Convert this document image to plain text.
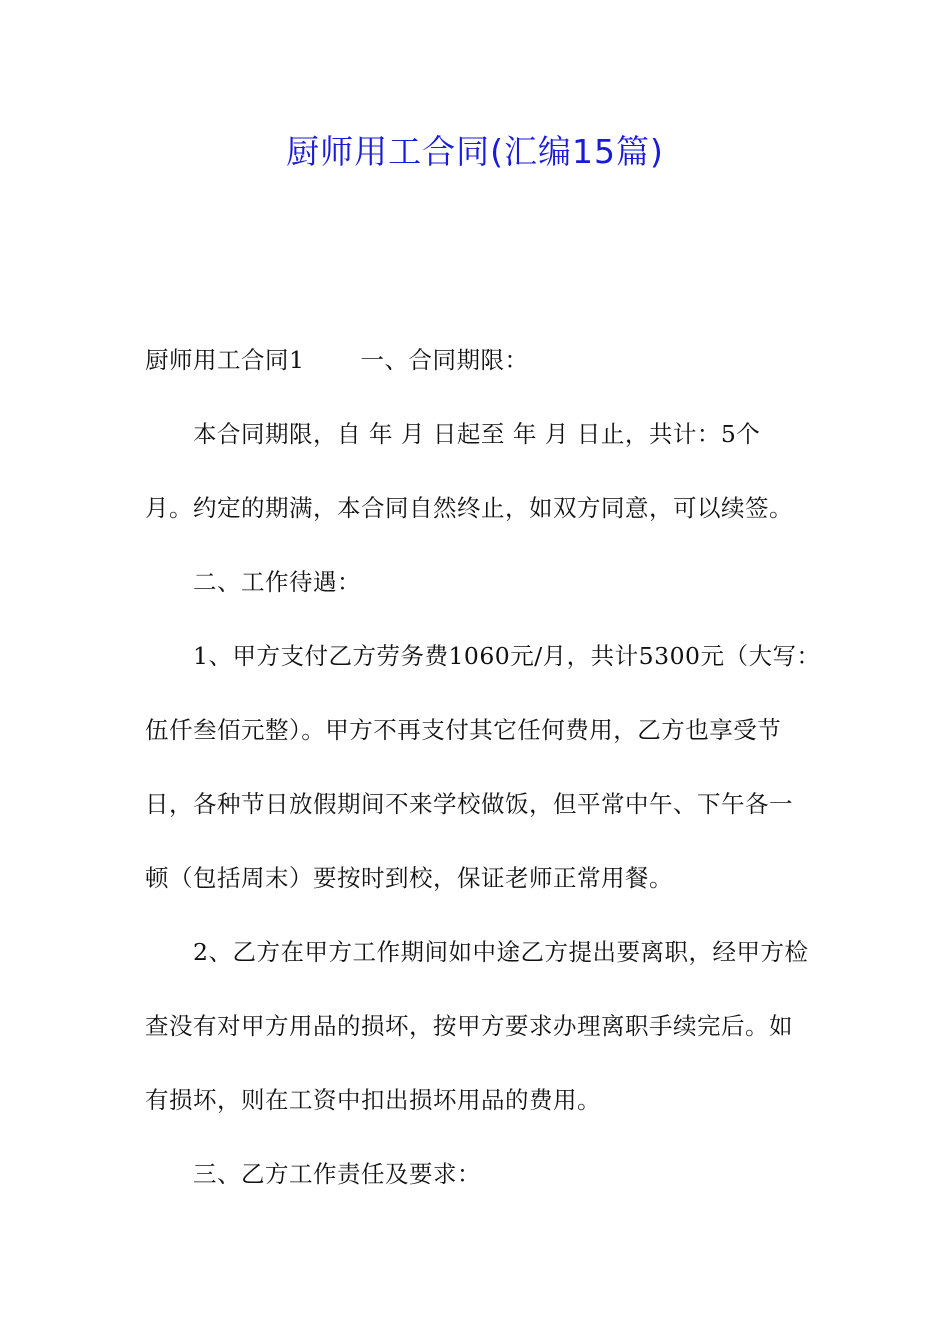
厨师用工合同(汇编15篇)
厨师用工合同1 一、合同期限：
本合同期限，自 年 月 日起至 年 月 日止，共计：5个
月。约定的期满，本合同自然终止，如双方同意，可以续签。
二、工作待遇：
1、甲方支付乙方劳务费1060元/月，共计5300元（大写：
伍仟叁佰元整）。甲方不再支付其它任何费用，乙方也享受节
日，各种节日放假期间不来学校做饭，但平常中午、下午各一
顿（包括周末）要按时到校，保证老师正常用餐。
2、乙方在甲方工作期间如中途乙方提出要离职，经甲方检
查没有对甲方用品的损坏，按甲方要求办理离职手续完后。如
有损坏，则在工资中扣出损坏用品的费用。
三、乙方工作责任及要求：
